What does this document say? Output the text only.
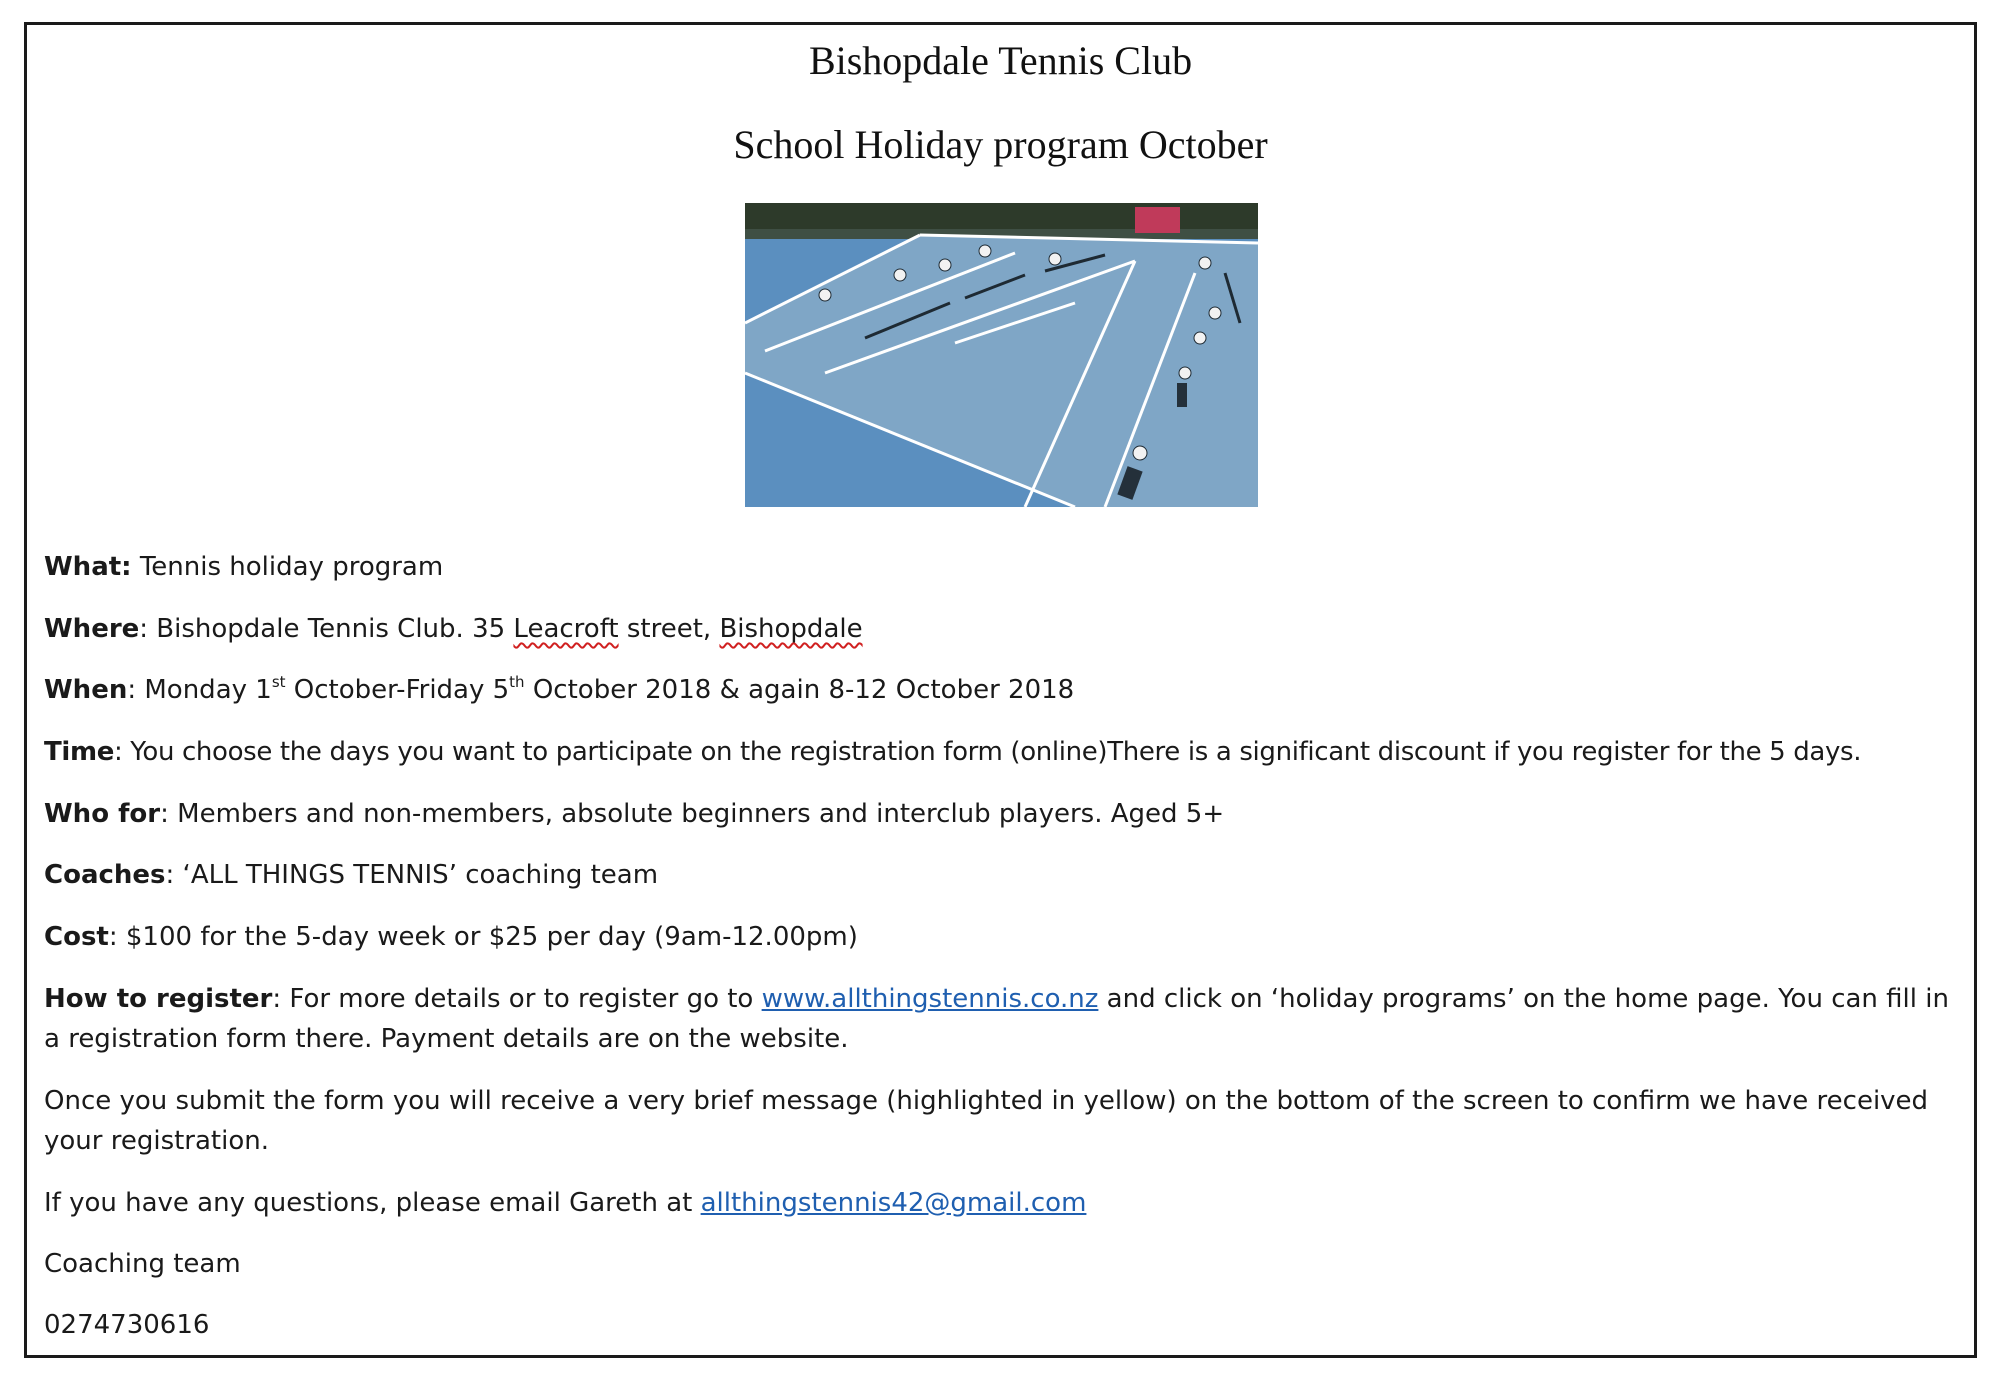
Bishopdale Tennis Club
School Holiday program October

What: Tennis holiday program

Where: Bishopdale Tennis Club. 35 Leacroft street, Bishopdale

When: Monday 1st October-Friday 5th October 2018 & again 8-12 October 2018

Time: You choose the days you want to participate on the registration form (online)There is a significant discount if you register for the 5 days.

Who for: Members and non-members, absolute beginners and interclub players. Aged 5+

Coaches: ‘ALL THINGS TENNIS’ coaching team

Cost: $100 for the 5-day week or $25 per day (9am-12.00pm)

How to register: For more details or to register go to www.allthingstennis.co.nz and click on ‘holiday programs’ on the home page. You can fill in a registration form there. Payment details are on the website.

Once you submit the form you will receive a very brief message (highlighted in yellow) on the bottom of the screen to confirm we have received your registration.

If you have any questions, please email Gareth at allthingstennis42@gmail.com

Coaching team

0274730616
